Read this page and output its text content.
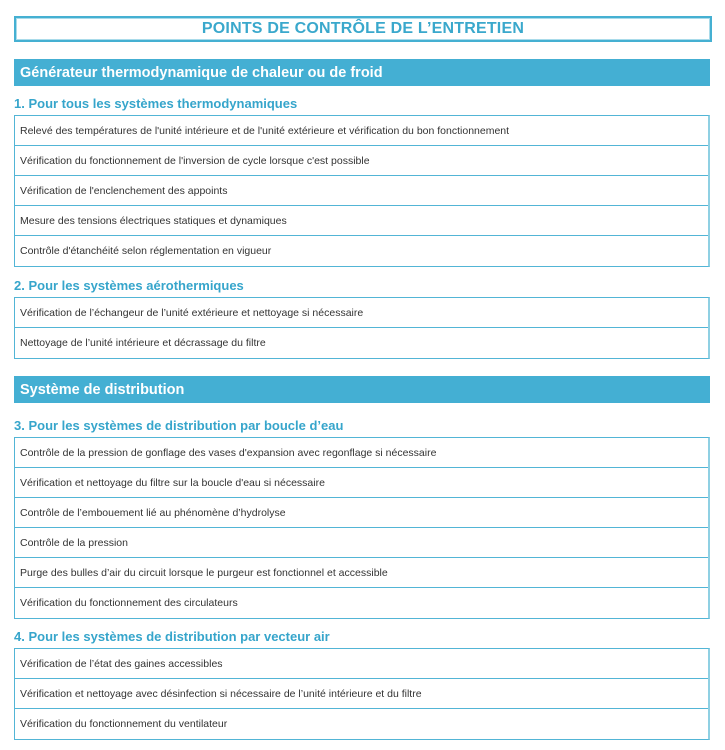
POINTS DE CONTRÔLE DE L’ENTRETIEN
Générateur thermodynamique de chaleur ou de froid
1. Pour tous les systèmes thermodynamiques
Relevé des températures de l'unité intérieure et de l'unité extérieure et vérification du bon fonctionnement
Vérification du fonctionnement de l'inversion de cycle lorsque c'est possible
Vérification de l'enclenchement des appoints
Mesure des tensions électriques statiques et dynamiques
Contrôle d'étanchéité selon réglementation en vigueur
2. Pour les systèmes aérothermiques
Vérification de l’échangeur de l’unité extérieure et nettoyage si nécessaire
Nettoyage de l’unité intérieure et décrassage du filtre
Système de distribution
3. Pour les systèmes de distribution par boucle d’eau
Contrôle de la pression de gonflage des vases d'expansion avec regonflage si nécessaire
Vérification et nettoyage du filtre sur la boucle d'eau si nécessaire
Contrôle de l’embouement lié au phénomène d’hydrolyse
Contrôle de la pression
Purge des bulles d’air du circuit lorsque le purgeur est fonctionnel et accessible
Vérification du fonctionnement des circulateurs
4. Pour les systèmes de distribution par vecteur air
Vérification de l’état des gaines accessibles
Vérification et nettoyage avec désinfection si nécessaire de l’unité intérieure et du filtre
Vérification du fonctionnement du ventilateur
